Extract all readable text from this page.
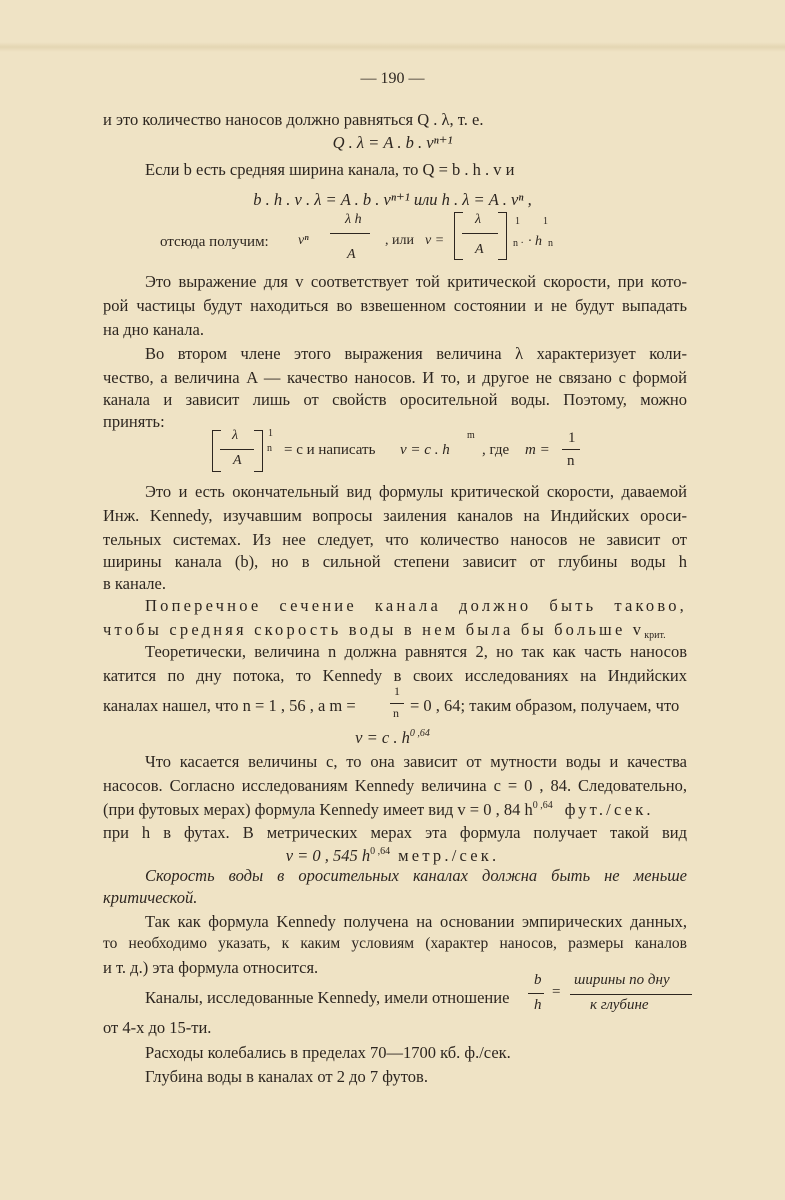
— 190 —
и это количество наносов должно равняться Q . λ, т. е.
Q . λ = A . b . vⁿ⁺¹
Если b есть средняя ширина канала, то Q = b . h . v и
b . h . v . λ = A . b . vⁿ⁺¹ или h . λ = A . vⁿ ,
отсюда получим: vⁿ
λ h
A
, или v =
λ
A
1
n · · h
1
n
Это выражение для v соответствует той критической скорости, при кото-
рой частицы будут находиться во взвешенном состоянии и не будут выпадать
на дно канала.
Во втором члене этого выражения величина λ характеризует коли-
чество, а величина A — качество наносов. И то, и другое не связано с формой
канала и зависит лишь от свойств оросительной воды. Поэтому, можно
принять:
λ
A
1
n = c и написать v = c . h
m
, где m =
1
n
Это и есть окончательный вид формулы критической скорости, даваемой
Инж. Kennedy, изучавшим вопросы заиления каналов на Индийских ороси-
тельных системах. Из нее следует, что количество наносов не зависит от
ширины канала (b), но в сильной степени зависит от глубины воды h
в канале.
Поперечное сечение канала должно быть таково,
чтобы средняя скорость воды в нем была бы больше $v_{крит.}$
Теоретически, величина n должна равнятся 2, но так как часть наносов
катится по дну потока, то Kennedy в своих исследованиях на Индийских
каналах нашел, что n = 1 , 56 , а m =
1
n = 0 , 64; таким образом, получаем, что
v = c . $h^{0 ,64}$
Что касается величины c, то она зависит от мутности воды и качества
насосов. Согласно исследованиям Kennedy величина c = 0 , 84. Следовательно,
(при футовых мерах) формула Kennedy имеет вид v = 0 , 84 $h^{0 ,64}$ фут./сек.
при h в футах. В метрических мерах эта формула получает такой вид
v = 0 , 545 $h^{0 ,64}$ метр./сек.
Скорость воды в оросительных каналах должна быть не меньше
критической.
Так как формула Kennedy получена на основании эмпирических данных,
то необходимо указать, к каким условиям (характер наносов, размеры каналов
и т. д.) эта формула относится.
Каналы, исследованные Kennedy, имели отношение
b
h
=
ширины по дну
к глубине
от 4-х до 15-ти.
Расходы колебались в пределах 70—1700 кб. ф./сек.
Глубина воды в каналах от 2 до 7 футов.
